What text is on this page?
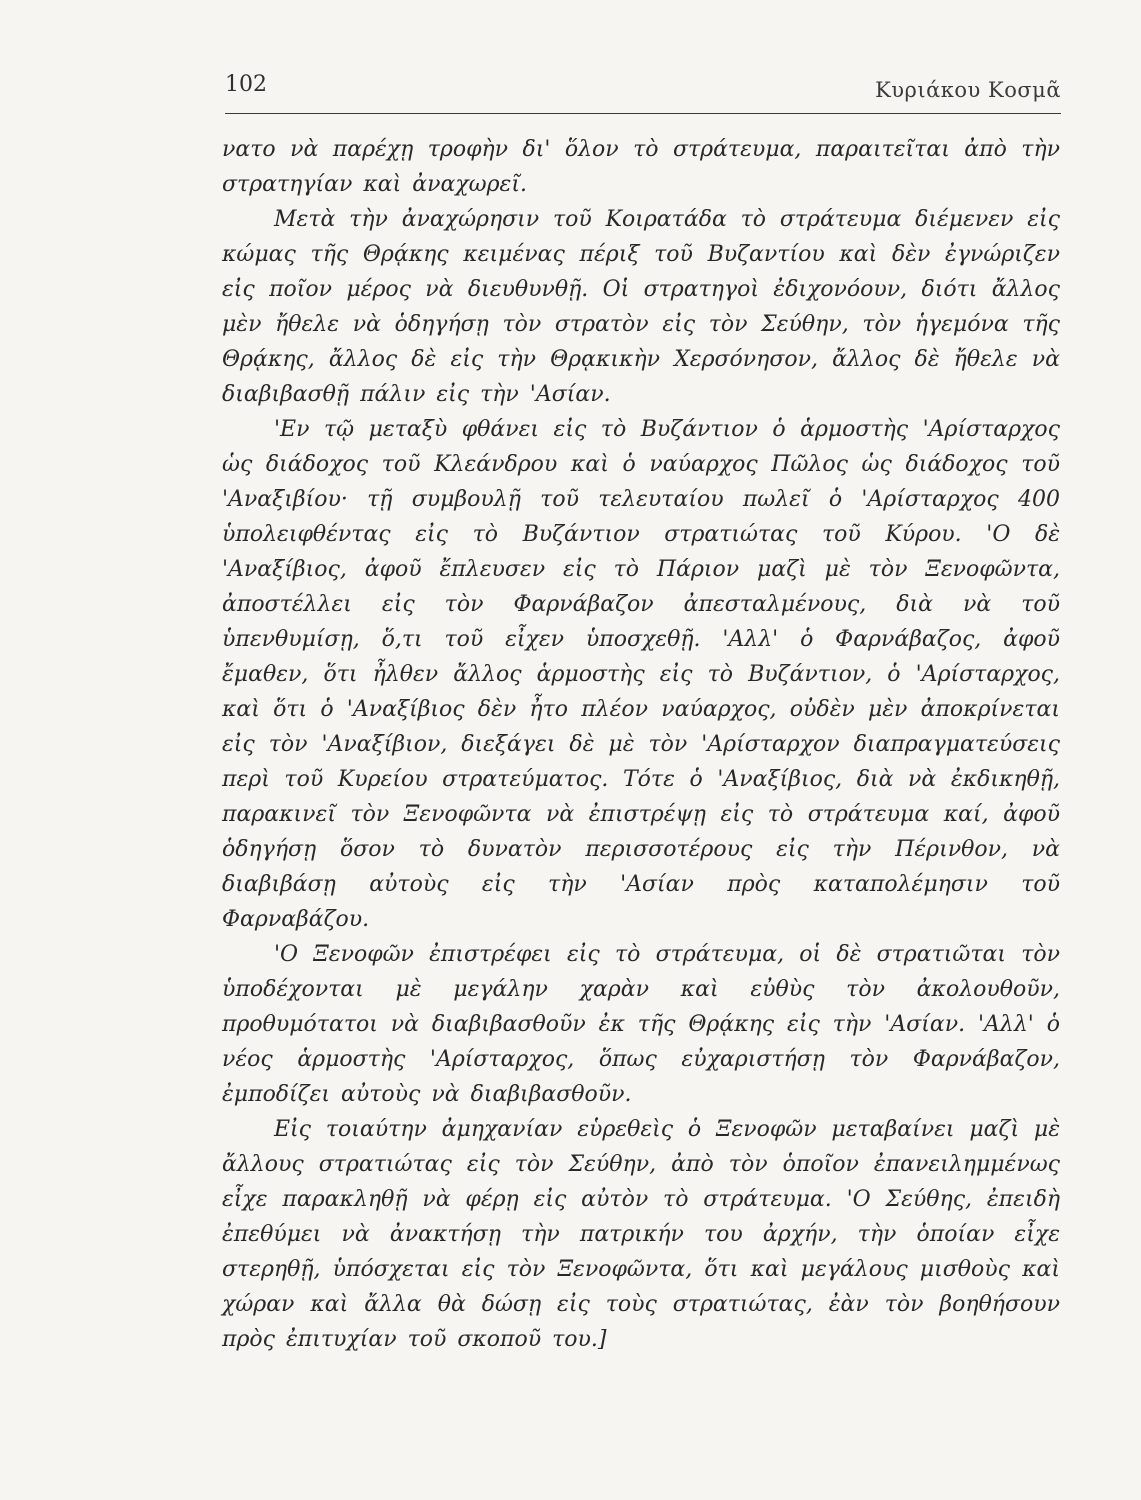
102	Κυριάκου Κοσμᾶ

νατο νὰ παρέχῃ τροφὴν δι' ὅλον τὸ στράτευμα, παραιτεῖται ἀπὸ τὴν στρατηγίαν καὶ ἀναχωρεῖ.

Μετὰ τὴν ἀναχώρησιν τοῦ Κοιρατάδα τὸ στράτευμα διέμενεν εἰς κώμας τῆς Θρᾴκης κειμένας πέριξ τοῦ Βυζαντίου καὶ δὲν ἐγνώριζεν εἰς ποῖον μέρος νὰ διευθυνθῇ. Οἱ στρατηγοὶ ἐδιχονόουν, διότι ἄλλος μὲν ἤθελε νὰ ὁδηγήσῃ τὸν στρατὸν εἰς τὸν Σεύθην, τὸν ἡγεμόνα τῆς Θρᾴκης, ἄλλος δὲ εἰς τὴν Θρᾳκικὴν Χερσόνησον, ἄλλος δὲ ἤθελε νὰ διαβιβασθῇ πάλιν εἰς τὴν 'Ασίαν.

'Εν τῷ μεταξὺ φθάνει εἰς τὸ Βυζάντιον ὁ ἁρμοστὴς 'Αρίσταρχος ὡς διάδοχος τοῦ Κλεάνδρου καὶ ὁ ναύαρχος Πῶλος ὡς διάδοχος τοῦ 'Αναξιβίου· τῇ συμβουλῇ τοῦ τελευταίου πωλεῖ ὁ 'Αρίσταρχος 400 ὑπολειφθέντας εἰς τὸ Βυζάντιον στρατιώτας τοῦ Κύρου. 'Ο δὲ 'Αναξίβιος, ἀφοῦ ἔπλευσεν εἰς τὸ Πάριον μαζὶ μὲ τὸν Ξενοφῶντα, ἀποστέλλει εἰς τὸν Φαρνάβαζον ἀπεσταλμένους, διὰ νὰ τοῦ ὑπενθυμίσῃ, ὅ,τι τοῦ εἶχεν ὑποσχεθῇ. 'Αλλ' ὁ Φαρνάβαζος, ἀφοῦ ἔμαθεν, ὅτι ἦλθεν ἄλλος ἁρμοστὴς εἰς τὸ Βυζάντιον, ὁ 'Αρίσταρχος, καὶ ὅτι ὁ 'Αναξίβιος δὲν ἦτο πλέον ναύαρχος, οὐδὲν μὲν ἀποκρίνεται εἰς τὸν 'Αναξίβιον, διεξάγει δὲ μὲ τὸν 'Αρίσταρχον διαπραγματεύσεις περὶ τοῦ Κυρείου στρατεύματος. Τότε ὁ 'Αναξίβιος, διὰ νὰ ἐκδικηθῇ, παρακινεῖ τὸν Ξενοφῶντα νὰ ἐπιστρέψῃ εἰς τὸ στράτευμα καί, ἀφοῦ ὁδηγήσῃ ὅσον τὸ δυνατὸν περισσοτέρους εἰς τὴν Πέρινθον, νὰ διαβιβάσῃ αὐτοὺς εἰς τὴν 'Ασίαν πρὸς καταπολέμησιν τοῦ Φαρναβάζου.

'Ο Ξενοφῶν ἐπιστρέφει εἰς τὸ στράτευμα, οἱ δὲ στρατιῶται τὸν ὑποδέχονται μὲ μεγάλην χαρὰν καὶ εὐθὺς τὸν ἀκολουθοῦν, προθυμότατοι νὰ διαβιβασθοῦν ἐκ τῆς Θρᾴκης εἰς τὴν 'Ασίαν. 'Αλλ' ὁ νέος ἁρμοστὴς 'Αρίσταρχος, ὅπως εὐχαριστήσῃ τὸν Φαρνάβαζον, ἐμποδίζει αὐτοὺς νὰ διαβιβασθοῦν.

Εἰς τοιαύτην ἀμηχανίαν εὑρεθεὶς ὁ Ξενοφῶν μεταβαίνει μαζὶ μὲ ἄλλους στρατιώτας εἰς τὸν Σεύθην, ἀπὸ τὸν ὁποῖον ἐπανειλημμένως εἶχε παρακληθῇ νὰ φέρῃ εἰς αὐτὸν τὸ στράτευμα. 'Ο Σεύθης, ἐπειδὴ ἐπεθύμει νὰ ἀνακτήσῃ τὴν πατρικήν του ἀρχήν, τὴν ὁποίαν εἶχε στερηθῇ, ὑπόσχεται εἰς τὸν Ξενοφῶντα, ὅτι καὶ μεγάλους μισθοὺς καὶ χώραν καὶ ἄλλα θὰ δώσῃ εἰς τοὺς στρατιώτας, ἐὰν τὸν βοηθήσουν πρὸς ἐπιτυχίαν τοῦ σκοποῦ του.]
